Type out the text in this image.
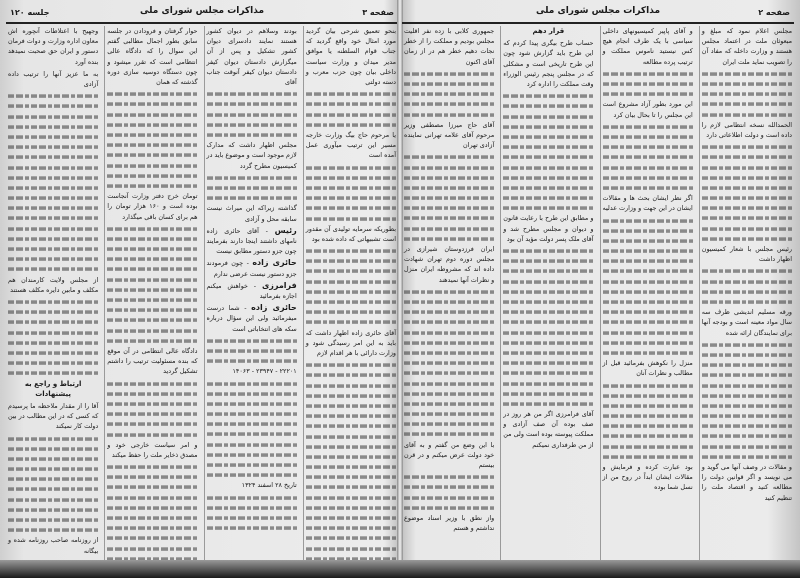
صفحه ۳
مذاکرات مجلس شورای ملی
جلسه ۱۲۰

بنحو تعمیق شرحی بیان گردید مورد امثال خود واقع گردید که جناب قوام السلطنه یا موافق مدیر میدان و وزارت سیاست داخلی بیان چون حزب معرب و دسته دولتی

یا مرحوم حاج بیگ وزارت خارجه مسیر این ترتیب میآوری عمل آمده است

بطوریکه سرمایه تولیدی آن مقدور است تشبیهاتی که داده شده بود

آقای حائری زاده اظهار داشت که باید به این امر رسیدگی شود و وزارت دارائی با هر اقدام لازم

بودند وسلاهم در دیوان کشور هستند نمایند دادسرای دیوان کشور تشکیل و پس از آن میگزارش دادستان دیوان کیفر دادستان دیوان کیفر آنوقت جناب آقای

مجلس اظهار داشت که مدارک لازم موجود است و موضوع باید در کمیسیون مطرح گردد

گذاشته زیراکه این میراث نیست سابقه محل و آزادی

رئیس - آقای حائری زاده نامهای داشتند اینجا دارند بفرمایند چون جزو دستور مطابق نیست

حائری زاده - چون فرمودند جزو دستور نیست عرضی ندارم

فرامرزی - خواهش میکنم اجازه بفرمائید

حائری زاده - شما درست میفرمائید ولی این سؤال درباره سکه های انتخاباتی است

۲۲۲۰۱ - ۲۳۹۴۷ - ۱۴۰۶۳

تاریخ ۲۸ اسفند ۱۳۲۴

حوار گرفتان و فرودادن در جلسه سابق بطور اجمال مطالبی گفتم این سوال را که دادگاه عالی انتظامی است که تقرر میشود و چون دستگاه دوسیه سازی دوره گذشته که همان

تومان خرج دفتر وزارت آنجاست بوده است و ۱۶۰ هزار تومان را هم برای کسان باقی میگذارد

دادگاه عالی انتظامی در آن موقع که بنده مسئولیت ترتیب را داشتم تشکیل گردید

و امر سیاست خارجی خود و مصدق ذخایر ملت را حفظ میکند

وجهیح با اعتلاطات آنچوره اش معاون اداره وزارت و دوات فرمان دستور و ایران حق صحبت نمیدهد بنده آورد

به ما عزیز آنها را ترتیب داده آزادی

از مجلس ولایت کارمندان هم مکلف و مابین دایره مکلف هستند

ارتباط و راجع به پیشنهادات

آقا را از مقدار ملاحظه ما پرسیدم که کسی که در این مطالب در بین دولت کار نمیکند

از روزنامه صاحب روزنامه شده و بیگانه

صفحه ۲
مذاکرات مجلس شورای ملی

مجلس اعلام نمود که مبلغ و مبعوثان ملت در اعتماد مجلس هستند و وزارت داخله که مفاد آن را تصویب نماید ملت ایران

الحمدالله نسخه انتظامی لازم را داده است و دولت اطلاعاتی دارد

رئیس مجلس با شعار کمیسیون اظهار داشت

ورقه مسلیم اندیشی ظرف سه سال مواد معینه است و بودجه آنها برای نمایندگان ارائه شده

و مقالات در وصف آنها می گوید و می نویسد و اگر قوانین دولت را مطالعه کنید و اقتصاد ملت را تنظیم کنید

و آقای پاپیر کمیسیونهای داخلی سیاسی با یک طرف انجام هیچ کس نیستید ناموس مملکت و ترتیب پرده مطالعه

این مورد بطور آزاد مشروع است این مجلس را تا بحال بیان کرد

اگر نظر ایشان بحث ها و مقالات ایشان در این جهت و وزارت عدلیه

منزل را نکوهش بفرمائید قبل از مطالب و نظرات آنان

بود عبارت کرده و فرمایش و مقالات ایشان ابداً در روح من از نسل شما بوده

قرار دهم

حساب طرح بیگری پیدا کردم که این طرح باید گزارش شود چون این طرح تاریخی است و مشکلی که در مجلس پنجم رئیس الوزراء وقت مملکت را اداره کرد

و مطابق این طرح با رعایت قانون و دیوان و مجلس مطرح شد و آقای ملک پسر دولت مؤید آن بود

آقای فرامرزی اگر من هر روز در صف بوده آن صف آزادی و مملکت پیوسته بوده است ولی من از من طرفداری نمیکنم

جمهوری کلابی با زده نفر اقلیت مجلس بودیم و مملکت را از خطر نجات دهیم خطر هم در از زمان آقای اکنون

آقای حاج میرزا مصطفی وزیر مرحوم آقای علامه تهرانی نماینده آزادی تهران

ایران فرزدوستان شیرازی در مجلس دوره دوم تهران شهادت داده اند که مشروطه ایران منزل و نظرات آنها نمیدهند

با این وضع من گفتم و به آقای خود دولت عرض میکنم و در قرن بیستم

واز نطق با وزیر اسناد موضوع نداشتم و هستم
